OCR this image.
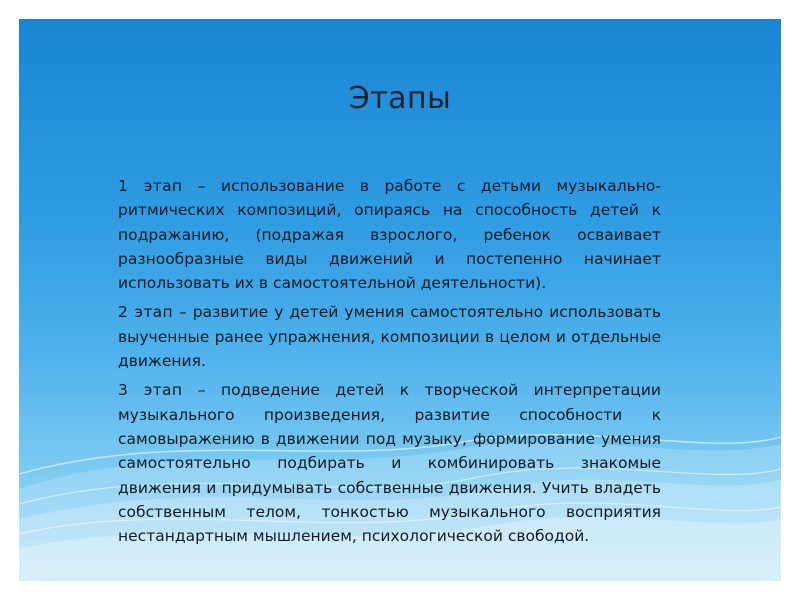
Этапы

1 этап – использование в работе с детьми музыкально-ритмических композиций, опираясь на способность детей к подражанию, (подражая взрослого, ребенок осваивает разнообразные виды движений и постепенно начинает использовать их в самостоятельной деятельности).

2 этап – развитие у детей умения самостоятельно использовать выученные ранее упражнения, композиции в целом и отдельные движения.

3 этап – подведение детей к творческой интерпретации музыкального произведения, развитие способности к самовыражению в движении под музыку, формирование умения самостоятельно подбирать и комбинировать знакомые движения и придумывать собственные движения. Учить владеть собственным телом, тонкостью музыкального восприятия нестандартным мышлением, психологической свободой.
